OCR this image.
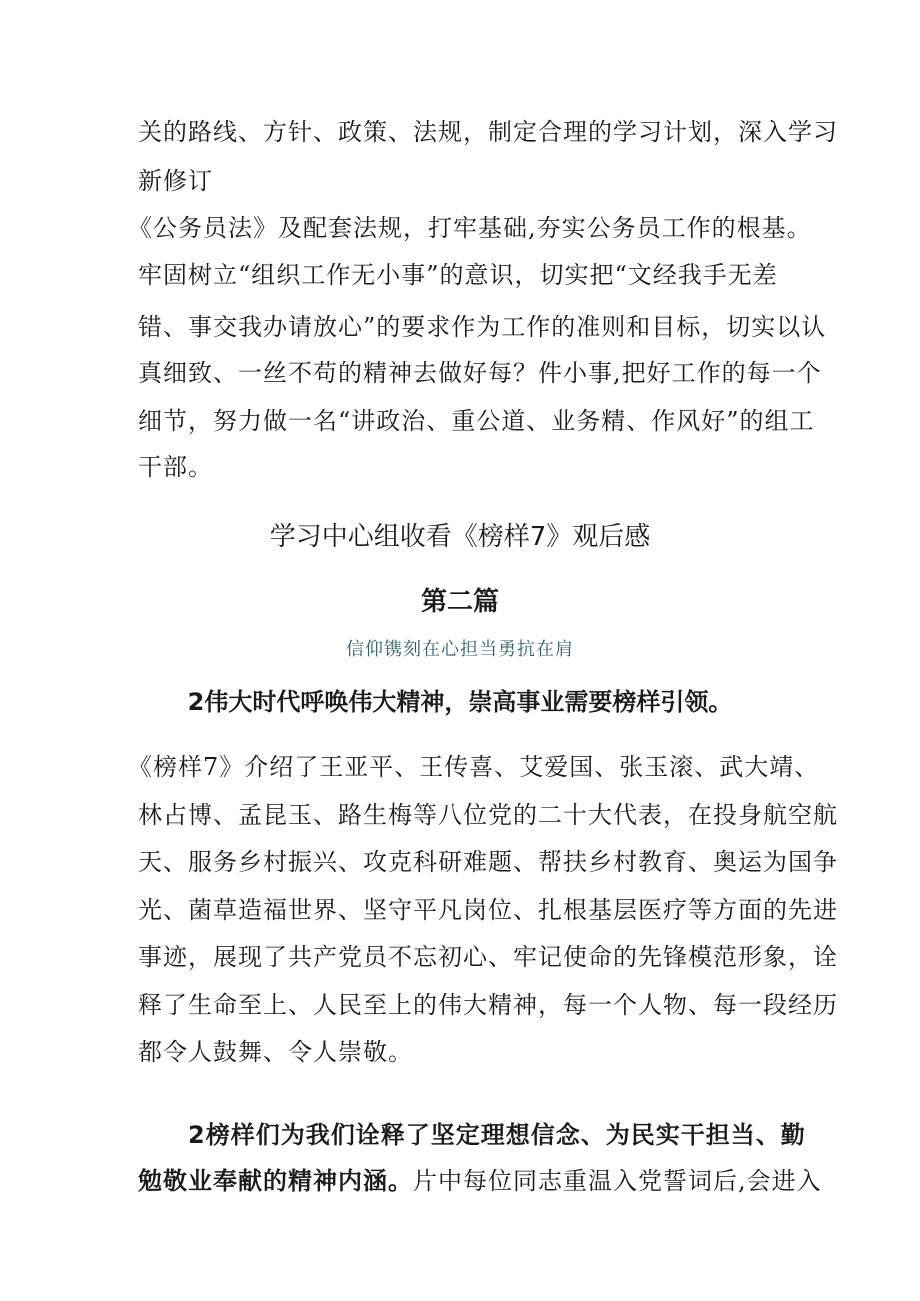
关的路线、方针、政策、法规，制定合理的学习计划，深入学习
新修订
《公务员法》及配套法规，打牢基础,夯实公务员工作的根基。
牢固树立“组织工作无小事”的意识，切实把“文经我手无差
错、事交我办请放心”的要求作为工作的准则和目标，切实以认
真细致、一丝不苟的精神去做好每？件小事,把好工作的每一个
细节，努力做一名“讲政治、重公道、业务精、作风好”的组工
干部。
学习中心组收看《榜样7》观后感
第二篇
信仰镌刻在心担当勇抗在肩
2伟大时代呼唤伟大精神，崇高事业需要榜样引领。
《榜样7》介绍了王亚平、王传喜、艾爱国、张玉滚、武大靖、
林占博、孟昆玉、路生梅等八位党的二十大代表，在投身航空航
天、服务乡村振兴、攻克科研难题、帮扶乡村教育、奥运为国争
光、菌草造福世界、坚守平凡岗位、扎根基层医疗等方面的先进
事迹，展现了共产党员不忘初心、牢记使命的先锋模范形象，诠
释了生命至上、人民至上的伟大精神，每一个人物、每一段经历
都令人鼓舞、令人崇敬。
2榜样们为我们诠释了坚定理想信念、为民实干担当、勤
勉敬业奉献的精神内涵。片中每位同志重温入党誓词后,会进入
